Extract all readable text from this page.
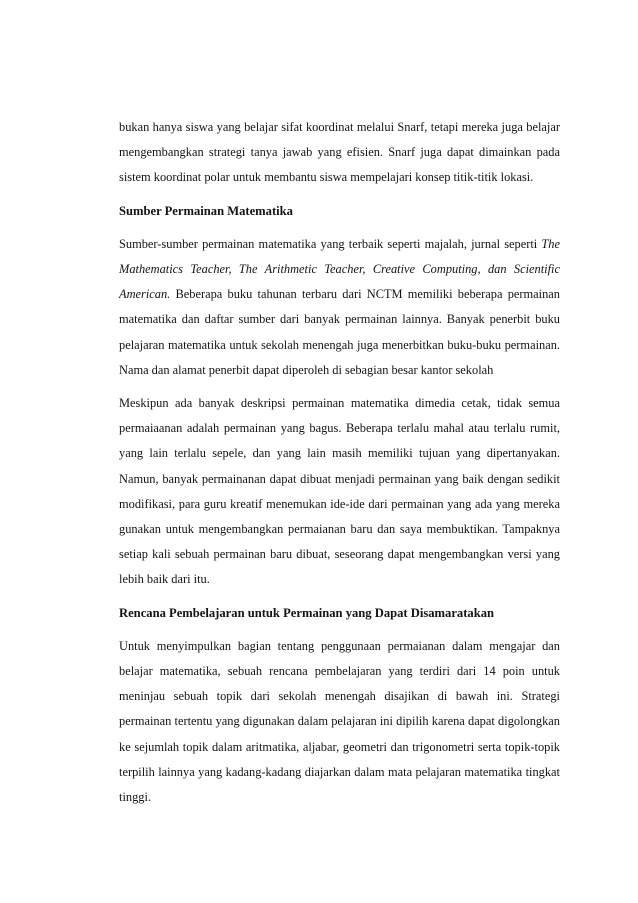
bukan hanya siswa yang belajar sifat koordinat melalui Snarf, tetapi mereka juga belajar mengembangkan strategi tanya jawab yang efisien. Snarf juga dapat dimainkan pada sistem koordinat polar untuk membantu siswa mempelajari konsep titik-titik lokasi.

Sumber Permainan Matematika

Sumber-sumber permainan matematika yang terbaik seperti majalah, jurnal seperti The Mathematics Teacher, The Arithmetic Teacher, Creative Computing, dan Scientific American. Beberapa buku tahunan terbaru dari NCTM memiliki beberapa permainan matematika dan daftar sumber dari banyak permainan lainnya. Banyak penerbit buku pelajaran matematika untuk sekolah menengah juga menerbitkan buku-buku permainan. Nama dan alamat penerbit dapat diperoleh di sebagian besar kantor sekolah

Meskipun ada banyak deskripsi permainan matematika dimedia cetak, tidak semua permaiaanan adalah permainan yang bagus. Beberapa terlalu mahal atau terlalu rumit, yang lain terlalu sepele, dan yang lain masih memiliki tujuan yang dipertanyakan. Namun, banyak permainanan dapat dibuat menjadi permainan yang baik dengan sedikit modifikasi, para guru kreatif menemukan ide-ide dari permainan yang ada yang mereka gunakan untuk mengembangkan permaianan baru dan saya membuktikan. Tampaknya setiap kali sebuah permainan baru dibuat, seseorang dapat mengembangkan versi yang lebih baik dari itu.

Rencana Pembelajaran untuk Permainan yang Dapat Disamaratakan

Untuk menyimpulkan bagian tentang penggunaan permaianan dalam mengajar dan belajar matematika, sebuah rencana pembelajaran yang terdiri dari 14 poin untuk meninjau sebuah topik dari sekolah menengah disajikan di bawah ini. Strategi permainan tertentu yang digunakan dalam pelajaran ini dipilih karena dapat digolongkan ke sejumlah topik dalam aritmatika, aljabar, geometri dan trigonometri serta topik-topik terpilih lainnya yang kadang-kadang diajarkan dalam mata pelajaran matematika tingkat tinggi.
